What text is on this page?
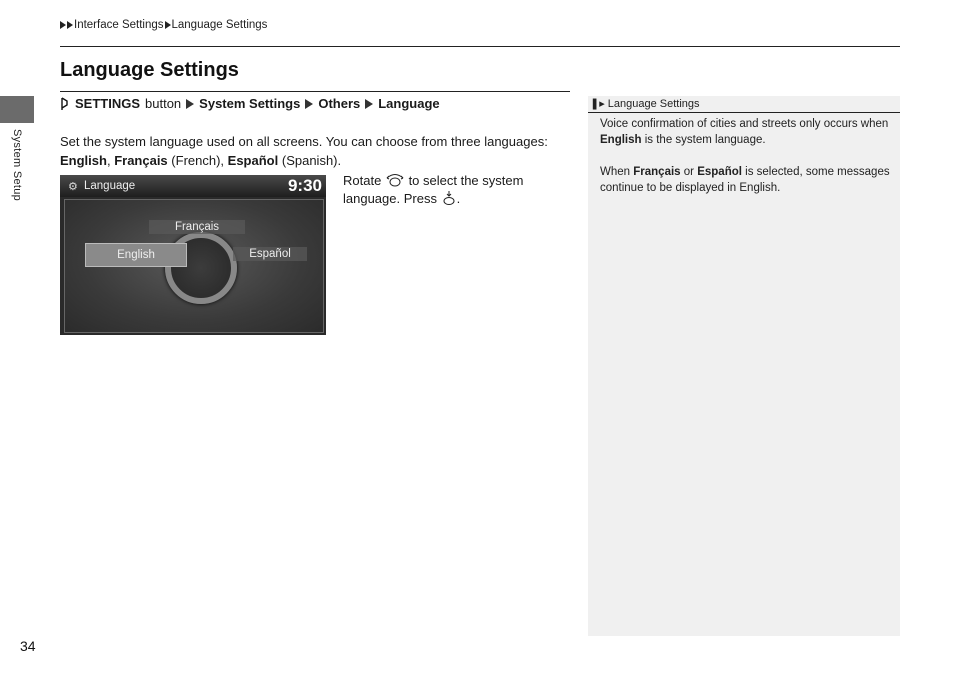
Interface Settings Language Settings
System Setup
Language Settings
SETTINGS button System Settings Others Language
Set the system language used on all screens. You can choose from three languages:
English, Français (French), Español (Spanish).
⚙ Language	9:30
Français
English	Español
Rotate to select the system language. Press .
❚▸ Language Settings
Voice confirmation of cities and streets only occurs when English is the system language.
When Français or Español is selected, some messages continue to be displayed in English.
34
